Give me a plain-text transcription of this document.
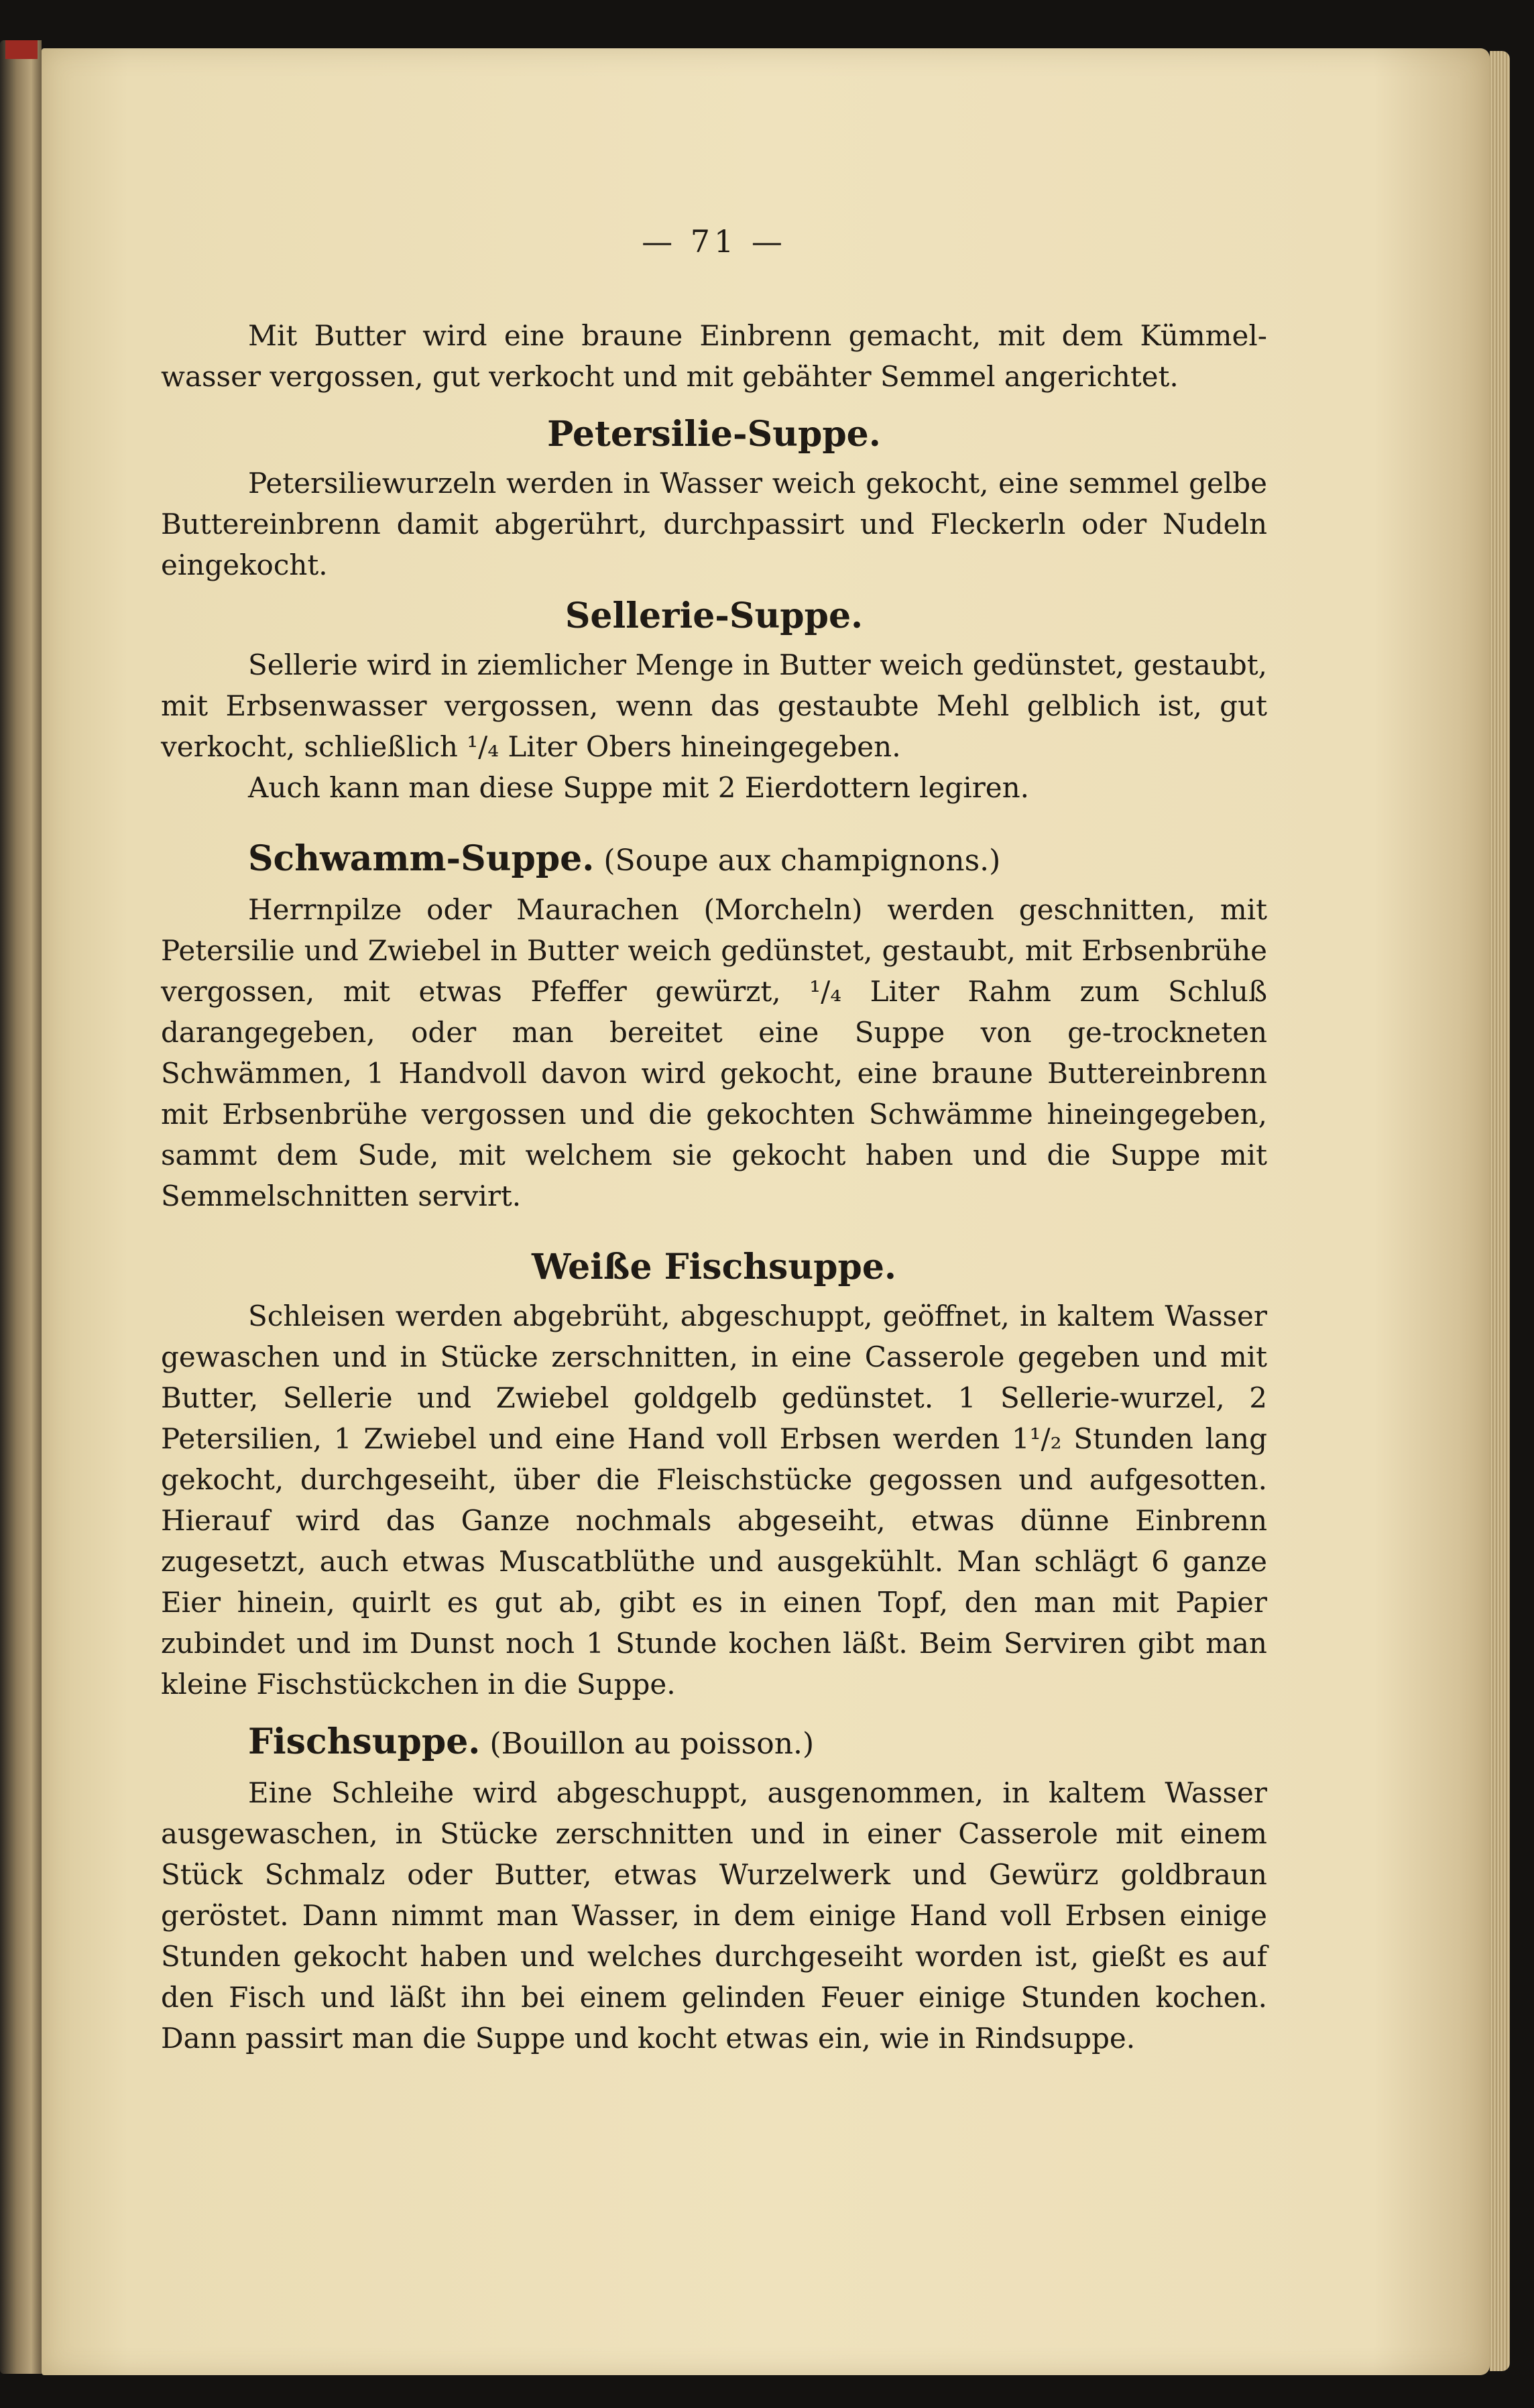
— 71 —

Mit Butter wird eine braune Einbrenn gemacht, mit dem Kümmel-wasser vergossen, gut verkocht und mit gebähter Semmel angerichtet.

Petersilie-Suppe.

Petersiliewurzeln werden in Wasser weich gekocht, eine semmel gelbe Buttereinbrenn damit abgerührt, durchpassirt und Fleckerln oder Nudeln eingekocht.

Sellerie-Suppe.

Sellerie wird in ziemlicher Menge in Butter weich gedünstet, gestaubt, mit Erbsenwasser vergossen, wenn das gestaubte Mehl gelblich ist, gut verkocht, schließlich ¹/₄ Liter Obers hineingegeben.

Auch kann man diese Suppe mit 2 Eierdottern legiren.

Schwamm-Suppe. (Soupe aux champignons.)

Herrnpilze oder Maurachen (Morcheln) werden geschnitten, mit Petersilie und Zwiebel in Butter weich gedünstet, gestaubt, mit Erbsenbrühe vergossen, mit etwas Pfeffer gewürzt, ¹/₄ Liter Rahm zum Schluß darangegeben, oder man bereitet eine Suppe von ge-trockneten Schwämmen, 1 Handvoll davon wird gekocht, eine braune Buttereinbrenn mit Erbsenbrühe vergossen und die gekochten Schwämme hineingegeben, sammt dem Sude, mit welchem sie gekocht haben und die Suppe mit Semmelschnitten servirt.

Weiße Fischsuppe.

Schleisen werden abgebrüht, abgeschuppt, geöffnet, in kaltem Wasser gewaschen und in Stücke zerschnitten, in eine Casserole gegeben und mit Butter, Sellerie und Zwiebel goldgelb gedünstet. 1 Sellerie-wurzel, 2 Petersilien, 1 Zwiebel und eine Hand voll Erbsen werden 1¹/₂ Stunden lang gekocht, durchgeseiht, über die Fleischstücke gegossen und aufgesotten. Hierauf wird das Ganze nochmals abgeseiht, etwas dünne Einbrenn zugesetzt, auch etwas Muscatblüthe und ausgekühlt. Man schlägt 6 ganze Eier hinein, quirlt es gut ab, gibt es in einen Topf, den man mit Papier zubindet und im Dunst noch 1 Stunde kochen läßt. Beim Serviren gibt man kleine Fischstückchen in die Suppe.

Fischsuppe. (Bouillon au poisson.)

Eine Schleihe wird abgeschuppt, ausgenommen, in kaltem Wasser ausgewaschen, in Stücke zerschnitten und in einer Casserole mit einem Stück Schmalz oder Butter, etwas Wurzelwerk und Gewürz goldbraun geröstet. Dann nimmt man Wasser, in dem einige Hand voll Erbsen einige Stunden gekocht haben und welches durchgeseiht worden ist, gießt es auf den Fisch und läßt ihn bei einem gelinden Feuer einige Stunden kochen. Dann passirt man die Suppe und kocht etwas ein, wie in Rindsuppe.
